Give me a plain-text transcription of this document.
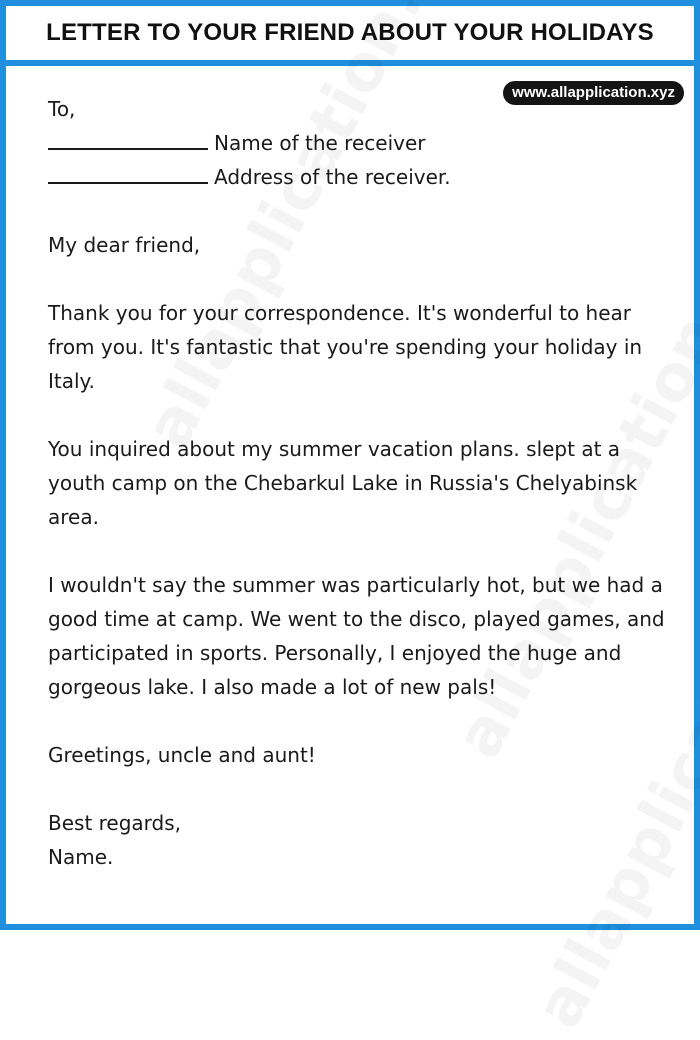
LETTER TO YOUR FRIEND ABOUT YOUR HOLIDAYS
www.allapplication.xyz

To,

Name of the receiver

Address of the receiver.

My dear friend,

Thank you for your correspondence. It's wonderful to hear from you. It's fantastic that you're spending your holiday in Italy.

You inquired about my summer vacation plans. slept at a youth camp on the Chebarkul Lake in Russia's Chelyabinsk area.

I wouldn't say the summer was particularly hot, but we had a good time at camp. We went to the disco, played games, and participated in sports. Personally, I enjoyed the huge and gorgeous lake. I also made a lot of new pals!

Greetings, uncle and aunt!

Best regards,

Name.
